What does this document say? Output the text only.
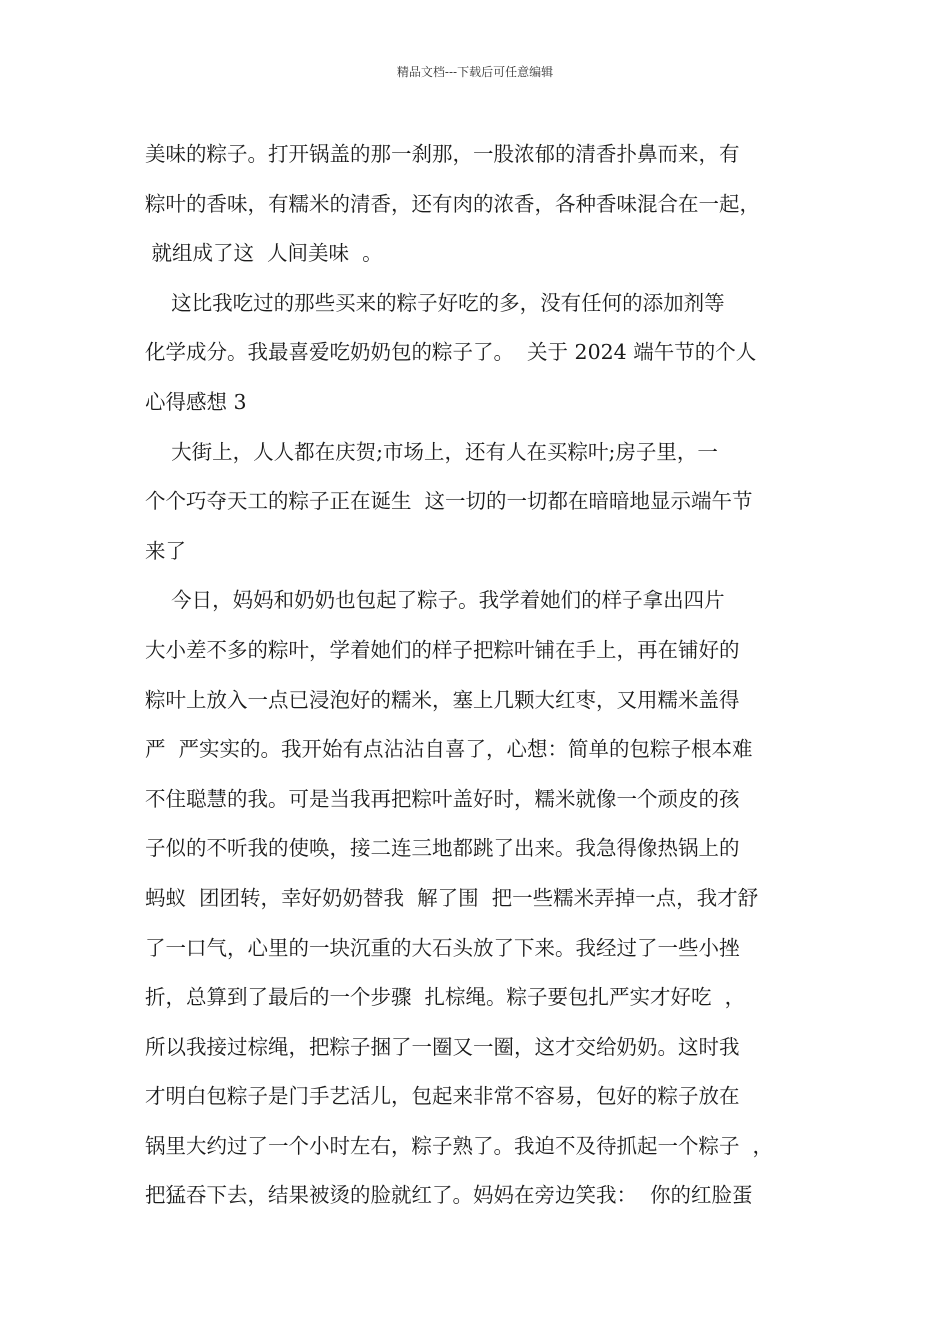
精品文档---下载后可任意编辑
美味的粽子。打开锅盖的那一刹那，一股浓郁的清香扑鼻而来，有
粽叶的香味，有糯米的清香，还有肉的浓香，各种香味混合在一起，
就组成了这  人间美味  。
这比我吃过的那些买来的粽子好吃的多，没有任何的添加剂等
化学成分。我最喜爱吃奶奶包的粽子了。  关于 2024 端午节的个人
心得感想 3
大街上，人人都在庆贺;市场上，还有人在买粽叶;房子里，一
个个巧夺天工的粽子正在诞生  这一切的一切都在暗暗地显示端午节
来了
今日，妈妈和奶奶也包起了粽子。我学着她们的样子拿出四片
大小差不多的粽叶，学着她们的样子把粽叶铺在手上，再在铺好的
粽叶上放入一点已浸泡好的糯米，塞上几颗大红枣，又用糯米盖得
严  严实实的。我开始有点沾沾自喜了，心想：简单的包粽子根本难
不住聪慧的我。可是当我再把粽叶盖好时，糯米就像一个顽皮的孩
子似的不听我的使唤，接二连三地都跳了出来。我急得像热锅上的
蚂蚁  团团转，幸好奶奶替我  解了围  把一些糯米弄掉一点，我才舒
了一口气，心里的一块沉重的大石头放了下来。我经过了一些小挫
折，总算到了最后的一个步骤  扎棕绳。粽子要包扎严实才好吃  ，
所以我接过棕绳，把粽子捆了一圈又一圈，这才交给奶奶。这时我
才明白包粽子是门手艺活儿，包起来非常不容易，包好的粽子放在
锅里大约过了一个小时左右，粽子熟了。我迫不及待抓起一个粽子  ，
把猛吞下去，结果被烫的脸就红了。妈妈在旁边笑我：  你的红脸蛋
